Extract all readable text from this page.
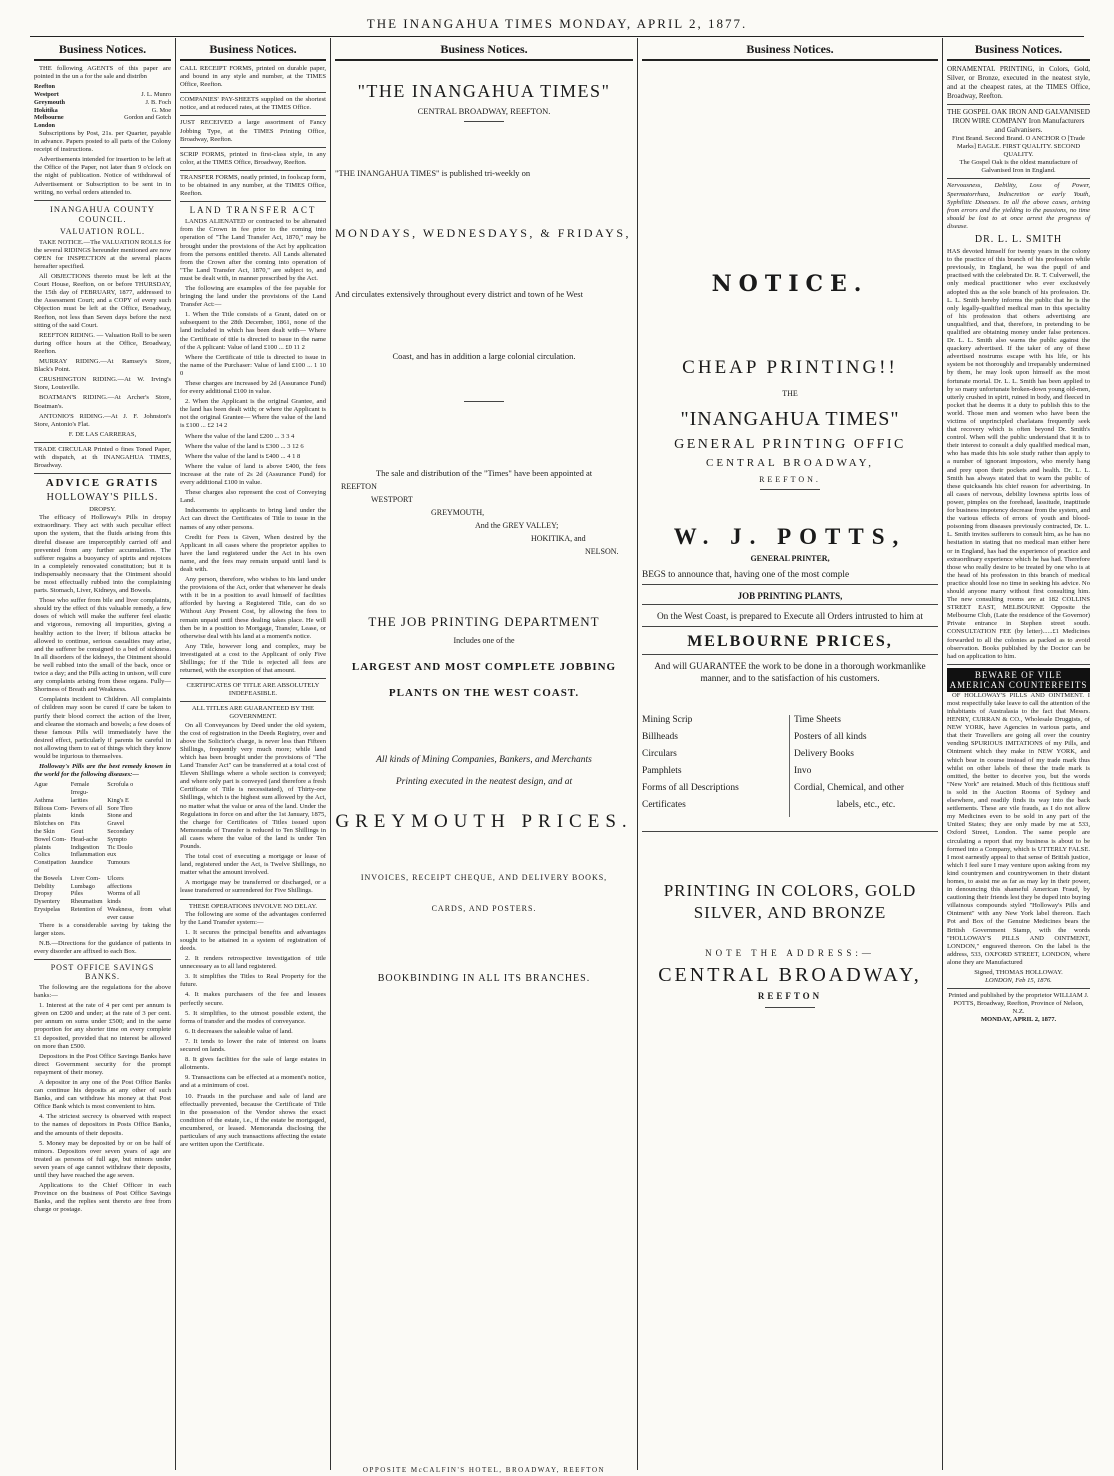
THE INANGAHUA TIMES MONDAY, APRIL 2, 1877.
Business Notices.

THE following AGENTS of this paper are pointed in the un a for the sale and distribn

Reefton	
Westport	J. L. Munro
Greymouth	J. B. Foch
Hokitika	G. Moe
Melbourne	Gordon and Gotch
London	

Subscriptions by Post, 21s. per Quarter, payable in advance. Papers posted to all parts of the Colony receipt of instructions.

Advertisements intended for insertion to be left at the Office of the Paper, not later than 9 o'clock on the night of publication. Notice of withdrawal of Advertisement or Subscription to be sent in in writing, no verbal orders attended to.

INANGAHUA COUNTY COUNCIL.
VALUATION ROLL.

TAKE NOTICE.—The VALUATION ROLLS for the several RIDINGS hereunder mentioned are now OPEN for INSPECTION at the several places hereafter specified.

All OBJECTIONS thereto must be left at the Court House, Reefton, on or before THURSDAY, the 15th day of FEBRUARY, 1877, addressed to the Assessment Court; and a COPY of every such Objection must be left at the Office, Broadway, Reefton, not less than Seven days before the next sitting of the said Court.

REEFTON RIDING. — Valuation Roll to be seen during office hours at the Office, Broadway, Reefton.

MURRAY RIDING.—At Ramsey's Store, Black's Point.

CRUSHINGTON RIDING.—At W. Irving's Store, Louisville.

BOATMAN'S RIDING.—At Archer's Store, Boatman's.

ANTONIO'S RIDING.—At J. F. Johnston's Store, Antonio's Flat.

F. DE LAS CARRERAS,
TRADE CIRCULAR Printed o fines Toned Paper, with dispatch, at th INANGAHUA TIMES, Broadway.
ADVICE GRATIS
HOLLOWAY'S PILLS.
DROPSY.

The efficacy of Holloway's Pills in dropsy extraordinary. They act with such peculiar effect upon the system, that the fluids arising from this direful disease are imperceptibly carried off and prevented from any further accumulation. The sufferer regains a buoyancy of spirits and rejoices in a completely renovated constitution; but it is indispensably necessary that the Ointment should be most effectually rubbed into the complaining parts. Stomach, Liver, Kidneys, and Bowels.

Those who suffer from bile and liver complaints, should try the effect of this valuable remedy, a few doses of which will make the sufferer feel elastic and vigorous, removing all impurities, giving a healthy action to the liver; if bilious attacks be allowed to continue, serious casualties may arise, and the sufferer be consigned to a bed of sickness. In all disorders of the kidneys, the Ointment should be well rubbed into the small of the back, once or twice a day; and the Pills acting in unison, will cure any complaints arising from these organs. Fully—Shortness of Breath and Weakness.

Complaints incident to Children. All complaints of children may soon be cured if care be taken to purify their blood correct the action of the liver, and cleanse the stomach and bowels; a few doses of these famous Pills will immediately have the desired effect, particularly if parents be careful in not allowing them to eat of things which they know would be injurious to themselves.

Holloway's Pills are the best remedy known in the world for the following diseases:—

Ague	Female Irregu-	Scrofula o
Asthma	larities	King's E
Bilious Com-	Fevers of all	Sore Thro
plaints	kinds	Stone and
Blotches on	Fits	Gravel
the Skin	Gout	Secondary
Bowel Com-	Head-ache	Sympto
plaints	Indigestion	Tic Doulo
Colics	Inflammation	eux
Constipation of	Jaundice	Tumours
the Bowels	Liver Com-	Ulcers
Debility	Lumbago	affections
Dropsy	Piles	Worms of all
Dysentery	Rheumatism	kinds
Erysipelas	Retention of	Weakness, from what ever cause

There is a considerable saving by taking the larger sizes.

N.B.—Directions for the guidance of patients in every disorder are affixed to each Box.

POST OFFICE SAVINGS BANKS.

The following are the regulations for the above banks:—

1. Interest at the rate of 4 per cent per annum is given on £200 and under; at the rate of 3 per cent. per annum on sums under £500; and in the same proportion for any shorter time on every complete £1 deposited, provided that no interest be allowed on more than £500.

Depositors in the Post Office Savings Banks have direct Government security for the prompt repayment of their money.

A depositor in any one of the Post Office Banks can continue his deposits at any other of such Banks, and can withdraw his money at that Post Office Bank which is most convenient to him.

4. The strictest secrecy is observed with respect to the names of depositors in Posts Office Banks, and the amounts of their deposits.

5. Money may be deposited by or on be half of minors. Depositors over seven years of age are treated as persons of full age, but minors under seven years of age cannot withdraw their deposits, until they have reached the age seven.

Applications to the Chief Officer in each Province on the business of Post Office Savings Banks, and the replies sent thereto are free from charge or postage.

Business Notices.
CALL RECEIPT FORMS, printed on durable paper, and bound in any style and number, at the TIMES Office, Reefton.
COMPANIES' PAY-SHEETS supplied on the shortest notice, and at reduced rates, at the TIMES Office.
JUST RECEIVED a large assortment of Fancy Jobbing Type, at the TIMES Printing Office, Broadway, Reefton.
SCRIP FORMS, printed in first-class style, in any color, at the TIMES Office, Broadway, Reefton.
TRANSFER FORMS, neatly printed, in foolscap form, to be obtained in any number, at the TIMES Office, Reefton.
LAND TRANSFER ACT

LANDS ALIENATED or contracted to be alienated from the Crown in fee prior to the coming into operation of "The Land Transfer Act, 1870," may be brought under the provisions of the Act by application from the persons entitled thereto. All Lands alienated from the Crown after the coming into operation of "The Land Transfer Act, 1870," are subject to, and must be dealt with, in manner prescribed by the Act.

The following are examples of the fee payable for bringing the land under the provisions of the Land Transfer Act:—

1. When the Title consists of a Grant, dated on or subsequent to the 28th December, 1861, none of the land included in which has been dealt with— Where the Certificate of title is directed to issue in the name of the A pplicant: Value of land £100 ... £0 11 2

Where the Certificate of title is directed to issue in the name of the Purchaser: Value of land £100 ... 1 10 0

These charges are increased by 2d (Assurance Fund) for every additional £100 in value.

2. When the Applicant is the original Grantee, and the land has been dealt with; or where the Applicant is not the original Grantee— Where the value of the land is £100 ... £2 14 2

Where the value of the land £200 ... 3 3 4

Where the value of the land is £300 ... 3 12 6

Where the value of the land is £400 ... 4 1 8

Where the value of land is above £400, the fees increase at the rate of 2s 2d (Assurance Fund) for every additional £100 in value.

These charges also represent the cost of Conveying Land.

Inducements to applicants to bring land under the Act can direct the Certificates of Title to issue in the names of any other persons.

Credit for Fees is Given, When desired by the Applicant in all cases where the proprietor applies to have the land registered under the Act in his own name, and the fees may remain unpaid until land is dealt with.

Any person, therefore, who wishes to his land under the provisions of the Act, order that whenever he deals with it be in a position to avail himself of facilities afforded by having a Registered Title, can do so Without Any Present Cost, by allowing the fees to remain unpaid until these dealing takes place. He will then be in a position to Mortgage, Transfer, Lease, or otherwise deal with his land at a moment's notice.

Any Title, however long and complex, may be investigated at a cost to the Applicant of only Five Shillings; for if the Title is rejected all fees are returned, with the exception of that amount.

CERTIFICATES OF TITLE ARE ABSOLUTELY INDEFEASIBLE.
ALL TITLES ARE GUARANTEED BY THE GOVERNMENT.

On all Conveyances by Deed under the old system, the cost of registration in the Deeds Registry, over and above the Solicitor's charge, is never less than Fifteen Shillings, frequently very much more; while land which has been brought under the provisions of "The Land Transfer Act" can be transferred at a total cost of Eleven Shillings where a whole section is conveyed; and where only part is conveyed (and therefore a fresh Certificate of Title is necessitated), of Thirty-one Shillings, which is the highest sum allowed by the Act, no matter what the value or area of the land. Under the Regulations in force on and after the 1st January, 1875, the charge for Certificates of Titles issued upon Memoranda of Transfer is reduced to Ten Shillings in all cases where the value of the land is under Ten Pounds.

The total cost of executing a mortgage or lease of land, registered under the Act, is Twelve Shillings, no matter what the amount involved.

A mortgage may be transferred or discharged, or a lease transferred or surrendered for Five Shillings.

THESE OPERATIONS INVOLVE NO DELAY.

The following are some of the advantages conferred by the Land Transfer system:—

1. It secures the principal benefits and advantages sought to be attained in a system of registration of deeds.

2. It renders retrospective investigation of title unnecessary as to all land registered.

3. It simplifies the Titles to Real Property for the future.

4. It makes purchasers of the fee and lessees perfectly secure.

5. It simplifies, to the utmost possible extent, the forms of transfer and the modes of conveyance.

6. It decreases the saleable value of land.

7. It tends to lower the rate of interest on loans secured on lands.

8. It gives facilities for the sale of large estates in allotments.

9. Transactions can be effected at a moment's notice, and at a minimum of cost.

10. Frauds in the purchase and sale of land are effectually prevented, because the Certificate of Title in the possession of the Vendor shows the exact condition of the estate, i.e., if the estate be mortgaged, encumbered, or leased. Memoranda disclosing the particulars of any such transactions affecting the estate are written upon the Certificate.

Business Notices.
"THE INANGAHUA TIMES"
CENTRAL BROADWAY, REEFTON.
"THE INANGAHUA TIMES" is published tri-weekly on
MONDAYS, WEDNESDAYS, & FRIDAYS,
And circulates extensively throughout every district and town of he West
Coast, and has in addition a large colonial circulation.
The sale and distribution of the "Times" have been appointed at
REEFTON
WESTPORT
GREYMOUTH,
And the GREY VALLEY;
HOKITIKA, and
NELSON.
THE JOB PRINTING DEPARTMENT
Includes one of the
LARGEST AND MOST COMPLETE JOBBING
PLANTS ON THE WEST COAST.
All kinds of Mining Companies, Bankers, and Merchants
Printing executed in the neatest design, and at
GREYMOUTH PRICES.
INVOICES, RECEIPT CHEQUE, AND DELIVERY BOOKS,
CARDS, AND POSTERS.
BOOKBINDING IN ALL ITS BRANCHES.
OPPOSITE McCALFIN'S HOTEL, BROADWAY, REEFTON
Business Notices.
NOTICE.
CHEAP PRINTING!!
THE
"INANGAHUA TIMES"
GENERAL PRINTING OFFIC
CENTRAL BROADWAY,
REEFTON.
W. J. POTTS,
GENERAL PRINTER,
BEGS to announce that, having one of the most comple
JOB PRINTING PLANTS,
On the West Coast, is prepared to Execute all Orders intrusted to him at
MELBOURNE PRICES,
And will GUARANTEE the work to be done in a thorough workmanlike manner, and to the satisfaction of his customers.
Mining Scrip
Billheads
Circulars
Pamphlets
Forms of all Descriptions
Certificates
Time Sheets
Posters of all kinds
Delivery Books
Invo
Cordial, Chemical, and other
labels, etc., etc.
PRINTING IN COLORS, GOLD SILVER, AND BRONZE
NOTE THE ADDRESS:—
CENTRAL BROADWAY,
REEFTON
Business Notices.
ORNAMENTAL PRINTING, in Colors, Gold, Silver, or Bronze, executed in the neatest style, and at the cheapest rates, at the TIMES Office, Broadway, Reefton.
THE GOSPEL OAK IRON AND GALVANISED IRON WIRE COMPANY Iron Manufacturers and Galvanisers.
First Brand. Second Brand. O ANCHOR O [Trade Marks] EAGLE. FIRST QUALITY. SECOND QUALITY.
The Gospel Oak is the oldest manufacture of Galvanised Iron in England.
Nervousness, Debility, Loss of Power, Spermatorrhæa, Indiscretion or early Youth, Syphilitic Diseases. In all the above cases, arising from errors and the yielding to the passions, no time should be lost to at once arrest the progress of disease.
DR. L. L. SMITH
HAS devoted himself for twenty years in the colony to the practice of this branch of his profession while previously, in England, he was the pupil of and practised with the celebrated Dr. R. T. Culverwell, the only medical practitioner who ever exclusively adopted this as the sole branch of his profession. Dr. L. L. Smith hereby informs the public that he is the only legally-qualified medical man in this speciality of his profession that others advertising are unqualified, and that, therefore, in pretending to be qualified are obtaining money under false pretences. Dr. L. L. Smith also warns the public against the quackery advertised. If the taker of any of these advertised nostrums escape with his life, or his system be not thoroughly and irreparably undermined by them, he may look upon himself as the most fortunate mortal. Dr. L. L. Smith has been applied to by so many unfortunate broken-down young old-men, utterly crushed in spirit, ruined in body, and fleeced in pocket that he deems it a duty to publish this to the world. Those men and women who have been the victims of unprincipled charlatans frequently seek that recovery which is often beyond Dr. Smith's control. When will the public understand that it is to their interest to consult a duly qualified medical man, who has made this his sole study rather than apply to a number of ignorant impostors, who merely hang and prey upon their pockets and health. Dr. L. L. Smith has always stated that to warn the public of these quicksands his chief reason for advertising. In all cases of nervous, debility lowness spirits loss of power, pimples on the forehead, lassitude, inaptitude for business impotency decrease from the system, and the various effects of errors of youth and blood-poisoning from diseases previously contracted, Dr. L. L. Smith invites sufferers to consult him, as he has no hesitation in stating that no medical man either here or in England, has had the experience of practice and extraordinary experience which he has had. Therefore those who really desire to be treated by one who is at the head of his profession in this branch of medical practice should lose no time in seeking his advice. No should anyone marry without first consulting him. The new consulting rooms are at 182 COLLINS STREET EAST, MELBOURNE Opposite the Melbourne Club, (Late the residence of the Governor) Private entrance in Stephen street south. CONSULTATION FEE (by letter)......£1 Medicines forwarded to all the colonies as packed as to avoid observation. Books published by the Doctor can be had on application to him.
BEWARE OF VILE
AMERICAN COUNTERFEITS

OF HOLLOWAY'S PILLS AND OINTMENT. I most respectfully take leave to call the attention of the inhabitants of Australasia to the fact that Messrs. HENRY, CURRAN & CO., Wholesale Druggists, of NEW YORK, have Agencies in various parts, and that their Travellers are going all over the country vending SPURIOUS IMITATIONS of my Pills, and Ointment which they make in NEW YORK, and which bear in course instead of my trade mark thus whilst on other labels of these the trade mark is omitted, the better to deceive you, but the words "New York" are retained. Much of this fictitious stuff is sold in the Auction Rooms of Sydney and elsewhere, and readily finds its way into the back settlements. These are vile frauds, as I do not allow my Medicines even to be sold in any part of the United States; they are only made by me at 533, Oxford Street, London. The same people are circulating a report that my business is about to be formed into a Company, which is UTTERLY FALSE. I most earnestly appeal to that sense of British justice, which I feel sure I may venture upon asking from my kind countrymen and countrywomen in their distant homes, to assist me as far as may lay in their power, in denouncing this shameful American Fraud, by cautioning their friends lest they be duped into buying villainous compounds styled "Holloway's Pills and Ointment" with any New York label thereon. Each Pot and Box of the Genuine Medicines bears the British Government Stamp, with the words "HOLLOWAY'S PILLS AND OINTMENT, LONDON," engraved thereon. On the label is the address, 533, OXFORD STREET, LONDON, where alone they are Manufactured

Signed, THOMAS HOLLOWAY.
LONDON, Feb 15, 1876.
Printed and published by the proprietor WILLIAM J. POTTS, Broadway, Reefton, Province of Nelson, N.Z.
MONDAY, APRIL 2, 1877.
